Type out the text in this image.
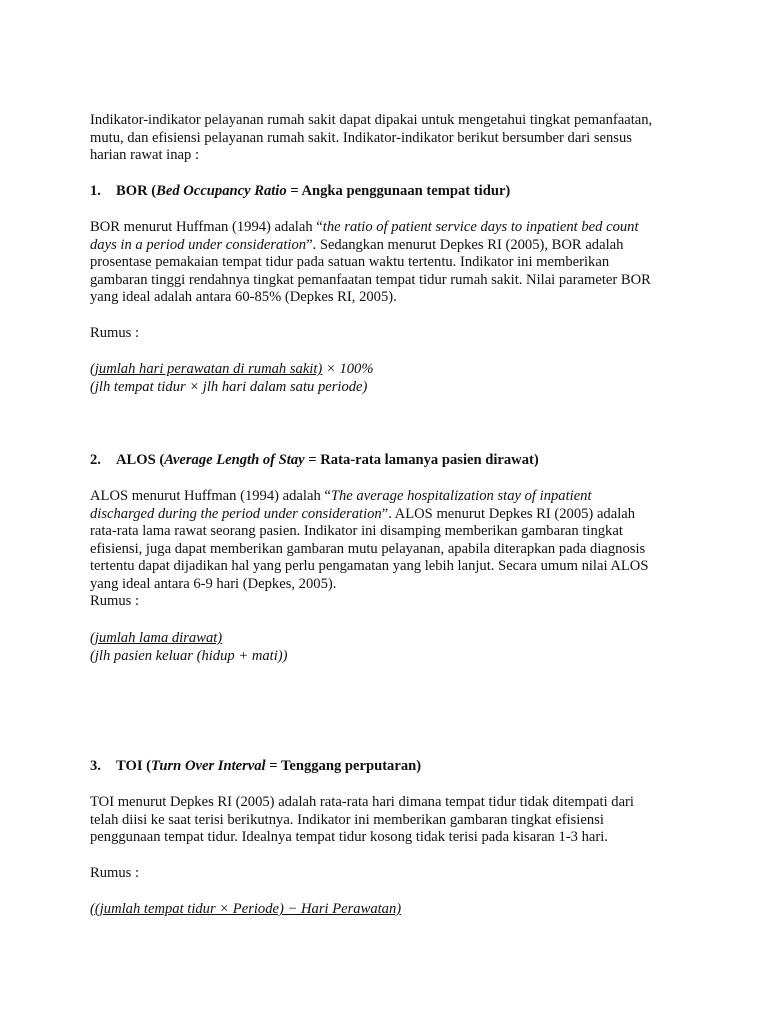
Indikator-indikator pelayanan rumah sakit dapat dipakai untuk mengetahui tingkat pemanfaatan,
mutu, dan efisiensi pelayanan rumah sakit. Indikator-indikator berikut bersumber dari sensus
harian rawat inap :

1. BOR (Bed Occupancy Ratio = Angka penggunaan tempat tidur)

BOR menurut Huffman (1994) adalah “the ratio of patient service days to inpatient bed count
days in a period under consideration”. Sedangkan menurut Depkes RI (2005), BOR adalah
prosentase pemakaian tempat tidur pada satuan waktu tertentu. Indikator ini memberikan
gambaran tinggi rendahnya tingkat pemanfaatan tempat tidur rumah sakit. Nilai parameter BOR
yang ideal adalah antara 60-85% (Depkes RI, 2005).

Rumus :
(jumlah hari perawatan di rumah sakit) × 100%
(jlh tempat tidur × jlh hari dalam satu periode)
2. ALOS (Average Length of Stay = Rata-rata lamanya pasien dirawat)

ALOS menurut Huffman (1994) adalah “The average hospitalization stay of inpatient
discharged during the period under consideration”. ALOS menurut Depkes RI (2005) adalah
rata-rata lama rawat seorang pasien. Indikator ini disamping memberikan gambaran tingkat
efisiensi, juga dapat memberikan gambaran mutu pelayanan, apabila diterapkan pada diagnosis
tertentu dapat dijadikan hal yang perlu pengamatan yang lebih lanjut. Secara umum nilai ALOS
yang ideal antara 6-9 hari (Depkes, 2005).
Rumus :

(jumlah lama dirawat)
(jlh pasien keluar (hidup + mati))
3. TOI (Turn Over Interval = Tenggang perputaran)

TOI menurut Depkes RI (2005) adalah rata-rata hari dimana tempat tidur tidak ditempati dari
telah diisi ke saat terisi berikutnya. Indikator ini memberikan gambaran tingkat efisiensi
penggunaan tempat tidur. Idealnya tempat tidur kosong tidak terisi pada kisaran 1-3 hari.

Rumus :
((jumlah tempat tidur × Periode) − Hari Perawatan)
